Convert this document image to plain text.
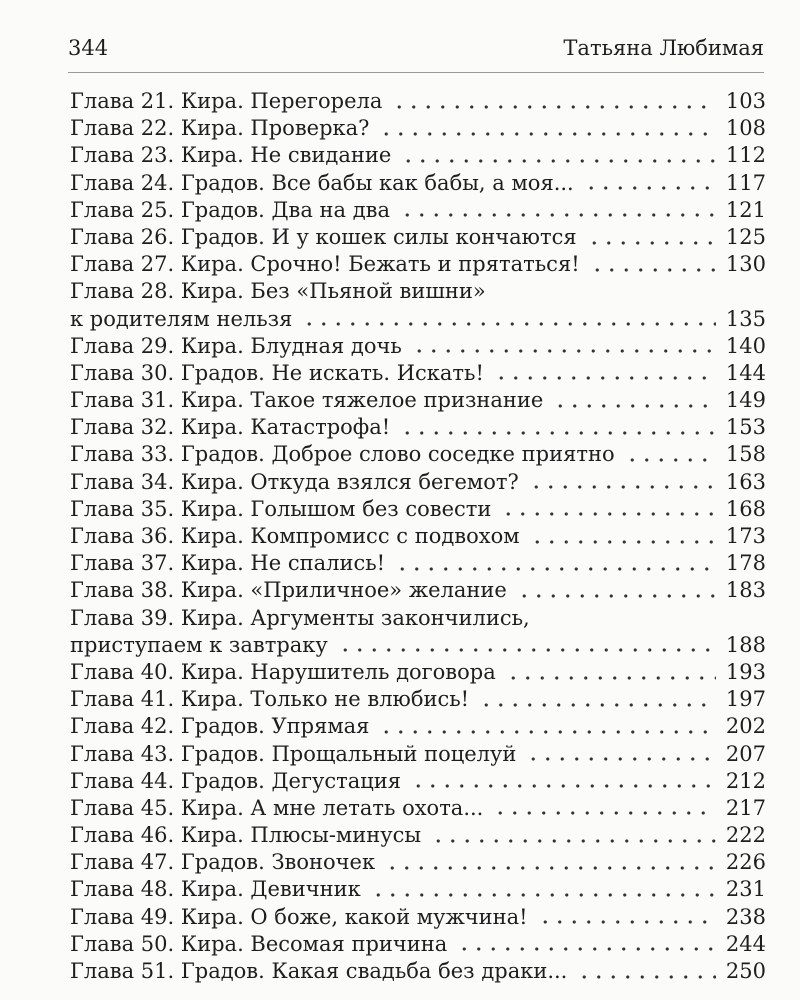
344	Татьяна Любимая
Глава 21. Кира. Перегорела	103
Глава 22. Кира. Проверка?	108
Глава 23. Кира. Не свидание	112
Глава 24. Градов. Все бабы как бабы, а моя...	117
Глава 25. Градов. Два на два	121
Глава 26. Градов. И у кошек силы кончаются	125
Глава 27. Кира. Срочно! Бежать и прятаться!	130
Глава 28. Кира. Без «Пьяной вишни»
к родителям нельзя	135
Глава 29. Кира. Блудная дочь	140
Глава 30. Градов. Не искать. Искать!	144
Глава 31. Кира. Такое тяжелое признание	149
Глава 32. Кира. Катастрофа!	153
Глава 33. Градов. Доброе слово соседке приятно	158
Глава 34. Кира. Откуда взялся бегемот?	163
Глава 35. Кира. Голышом без совести	168
Глава 36. Кира. Компромисс с подвохом	173
Глава 37. Кира. Не спались!	178
Глава 38. Кира. «Приличное» желание	183
Глава 39. Кира. Аргументы закончились,
приступаем к завтраку	188
Глава 40. Кира. Нарушитель договора	193
Глава 41. Кира. Только не влюбись!	197
Глава 42. Градов. Упрямая	202
Глава 43. Градов. Прощальный поцелуй	207
Глава 44. Градов. Дегустация	212
Глава 45. Кира. А мне летать охота...	217
Глава 46. Кира. Плюсы-минусы	222
Глава 47. Градов. Звоночек	226
Глава 48. Кира. Девичник	231
Глава 49. Кира. О боже, какой мужчина!	238
Глава 50. Кира. Весомая причина	244
Глава 51. Градов. Какая свадьба без драки...	250
